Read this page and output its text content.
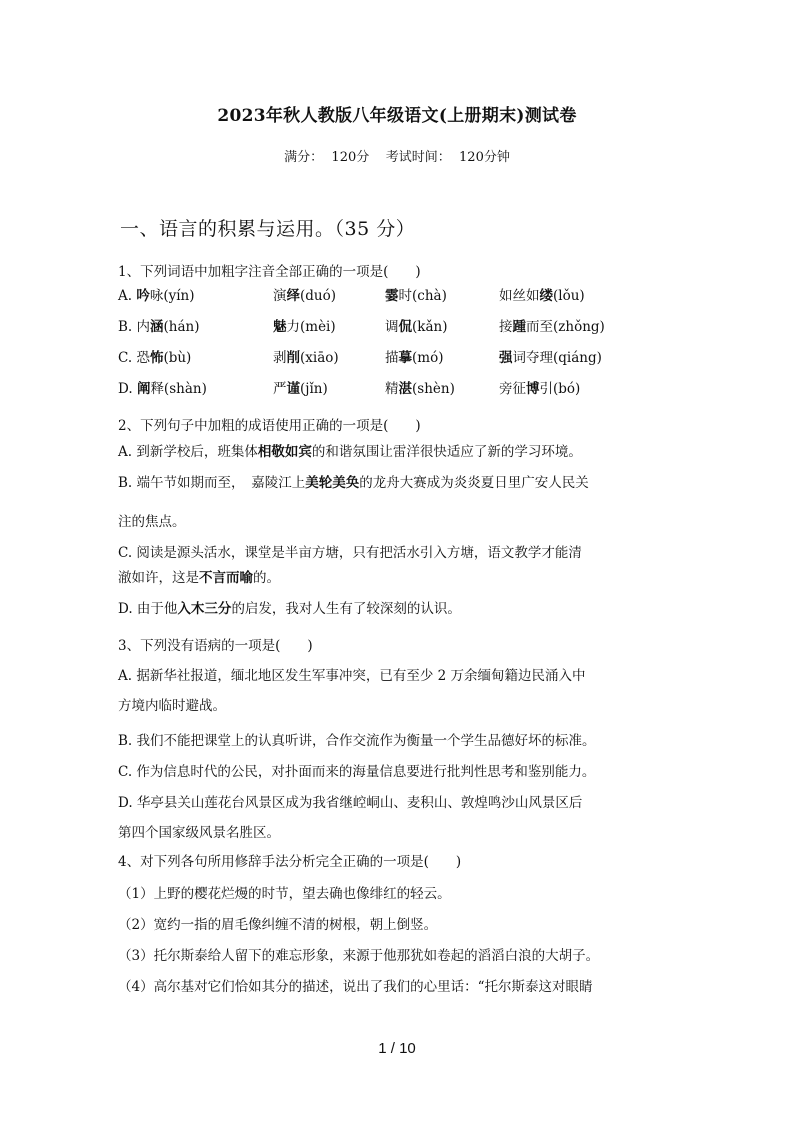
2023年秋人教版八年级语文(上册期末)测试卷
满分：  120分    考试时间：  120分钟
一、语言的积累与运用。（35 分）
1、下列词语中加粗字注音全部正确的一项是(　　)
A. 吟咏(yín)	演绎(duó)	霎时(chà)	如丝如缕(lǒu)
B. 内涵(hán)	魅力(mèi)	调侃(kǎn)	接踵而至(zhǒng)
C. 恐怖(bù)	剥削(xiāo)	描摹(mó)	强词夺理(qiáng)
D. 阐释(shàn)	严谨(jǐn)	精湛(shèn)	旁征博引(bó)
2、下列句子中加粗的成语使用正确的一项是(　　)
A. 到新学校后，班集体相敬如宾的和谐氛围让雷洋很快适应了新的学习环境。
B. 端午节如期而至，　嘉陵江上美轮美奂的龙舟大赛成为炎炎夏日里广安人民关
注的焦点。
C. 阅读是源头活水，课堂是半亩方塘，只有把活水引入方塘，语文教学才能清
澈如许，这是不言而喻的。
D. 由于他入木三分的启发，我对人生有了较深刻的认识。
3、下列没有语病的一项是(　　)
A. 据新华社报道，缅北地区发生军事冲突，已有至少 2 万余缅甸籍边民涌入中
方境内临时避战。
B. 我们不能把课堂上的认真听讲，合作交流作为衡量一个学生品德好坏的标准。
C. 作为信息时代的公民，对扑面而来的海量信息要进行批判性思考和鉴别能力。
D. 华亭县关山莲花台风景区成为我省继崆峒山、麦积山、敦煌鸣沙山风景区后
第四个国家级风景名胜区。
4、对下列各句所用修辞手法分析完全正确的一项是(　　)
（1）上野的樱花烂熳的时节，望去确也像绯红的轻云。
（2）宽约一指的眉毛像纠缠不清的树根，朝上倒竖。
（3）托尔斯泰给人留下的难忘形象，来源于他那犹如卷起的滔滔白浪的大胡子。
（4）高尔基对它们恰如其分的描述，说出了我们的心里话：“托尔斯泰这对眼睛
1 / 10
